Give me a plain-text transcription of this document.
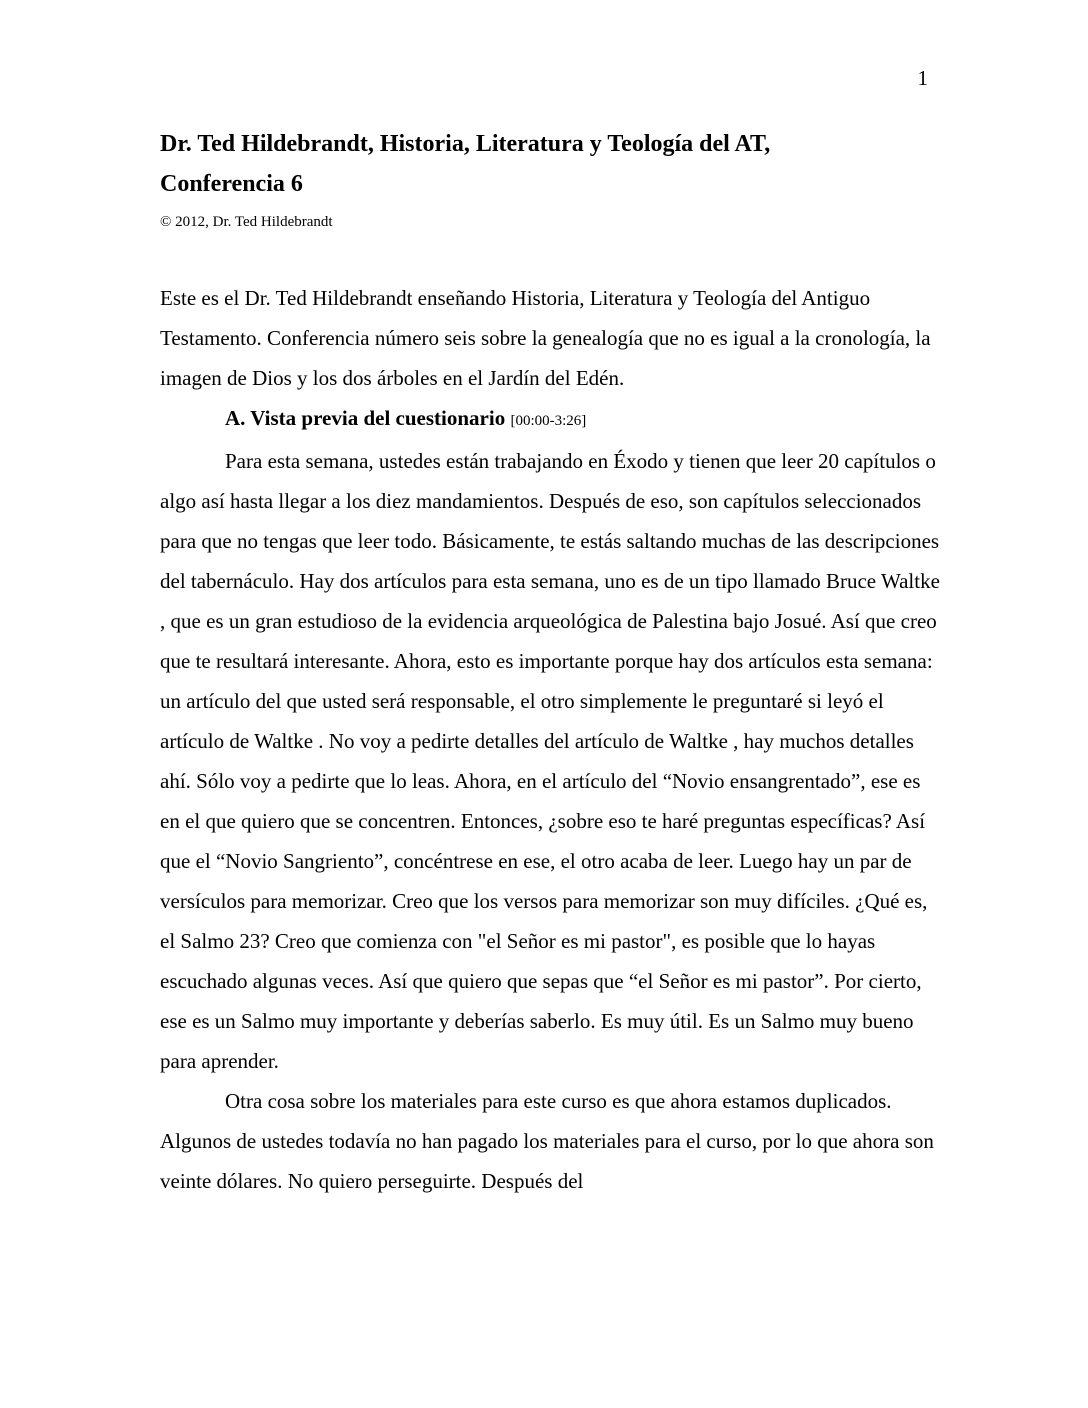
1
Dr. Ted Hildebrandt, Historia, Literatura y Teología del AT,
Conferencia 6
© 2012, Dr. Ted Hildebrandt

Este es el Dr. Ted Hildebrandt enseñando Historia, Literatura y Teología del Antiguo Testamento. Conferencia número seis sobre la genealogía que no es igual a la cronología, la imagen de Dios y los dos árboles en el Jardín del Edén.

A. Vista previa del cuestionario [00:00-3:26]

Para esta semana, ustedes están trabajando en Éxodo y tienen que leer 20 capítulos o algo así hasta llegar a los diez mandamientos. Después de eso, son capítulos seleccionados para que no tengas que leer todo. Básicamente, te estás saltando muchas de las descripciones del tabernáculo. Hay dos artículos para esta semana, uno es de un tipo llamado Bruce Waltke , que es un gran estudioso de la evidencia arqueológica de Palestina bajo Josué. Así que creo que te resultará interesante. Ahora, esto es importante porque hay dos artículos esta semana: un artículo del que usted será responsable, el otro simplemente le preguntaré si leyó el artículo de Waltke . No voy a pedirte detalles del artículo de Waltke , hay muchos detalles ahí. Sólo voy a pedirte que lo leas. Ahora, en el artículo del “Novio ensangrentado”, ese es en el que quiero que se concentren. Entonces, ¿sobre eso te haré preguntas específicas? Así que el “Novio Sangriento”, concéntrese en ese, el otro acaba de leer. Luego hay un par de versículos para memorizar. Creo que los versos para memorizar son muy difíciles. ¿Qué es, el Salmo 23? Creo que comienza con "el Señor es mi pastor", es posible que lo hayas escuchado algunas veces. Así que quiero que sepas que “el Señor es mi pastor”. Por cierto, ese es un Salmo muy importante y deberías saberlo. Es muy útil. Es un Salmo muy bueno para aprender.

Otra cosa sobre los materiales para este curso es que ahora estamos duplicados. Algunos de ustedes todavía no han pagado los materiales para el curso, por lo que ahora son veinte dólares. No quiero perseguirte. Después del
